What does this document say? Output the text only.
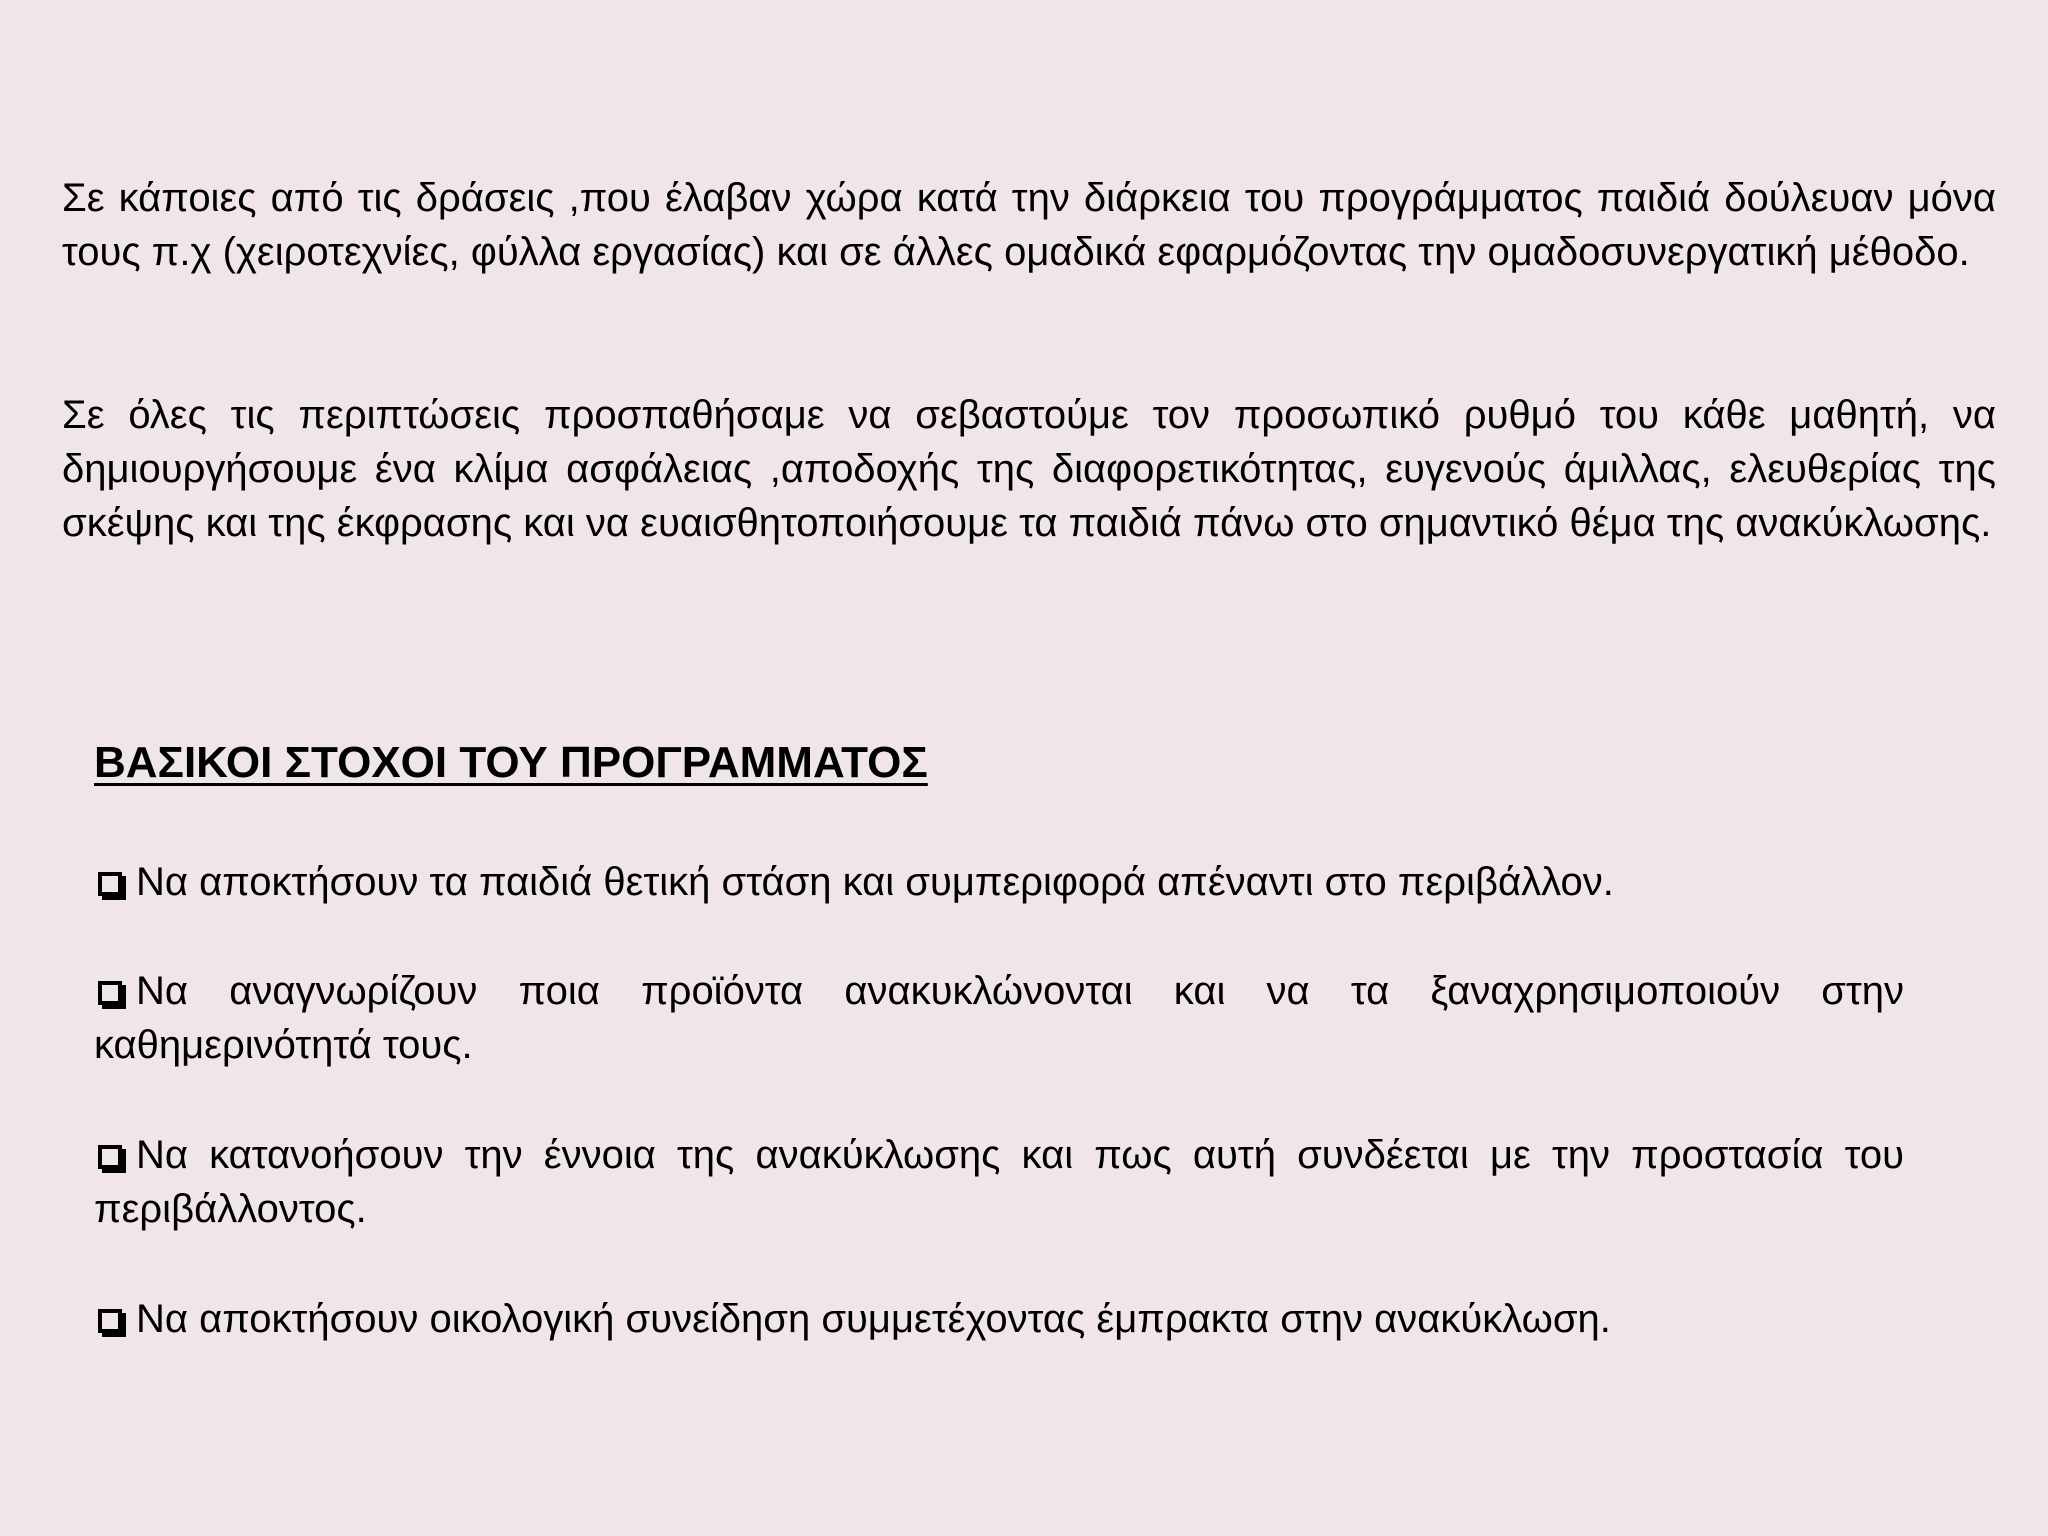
Σε κάποιες από τις δράσεις ,που έλαβαν χώρα κατά την διάρκεια του προγράμματος παιδιά δούλευαν μόνα τους π.χ (χειροτεχνίες, φύλλα εργασίας) και σε άλλες ομαδικά εφαρμόζοντας την ομαδοσυνεργατική μέθοδο.

Σε όλες τις περιπτώσεις προσπαθήσαμε να σεβαστούμε τον προσωπικό ρυθμό του κάθε μαθητή, να δημιουργήσουμε ένα κλίμα ασφάλειας ,αποδοχής της διαφορετικότητας, ευγενούς άμιλλας, ελευθερίας της σκέψης και της έκφρασης και να ευαισθητοποιήσουμε τα παιδιά πάνω στο σημαντικό θέμα της ανακύκλωσης.

ΒΑΣΙΚΟΙ ΣΤΟΧΟΙ ΤΟΥ ΠΡΟΓΡΑΜΜΑΤΟΣ

Να αποκτήσουν τα παιδιά θετική στάση και συμπεριφορά απέναντι στο περιβάλλον.

Να αναγνωρίζουν ποια προϊόντα ανακυκλώνονται και να τα ξαναχρησιμοποιούν στην καθημερινότητά τους.

Να κατανοήσουν την έννοια της ανακύκλωσης και πως αυτή συνδέεται με την προστασία του περιβάλλοντος.

Να αποκτήσουν οικολογική συνείδηση συμμετέχοντας έμπρακτα στην ανακύκλωση.
